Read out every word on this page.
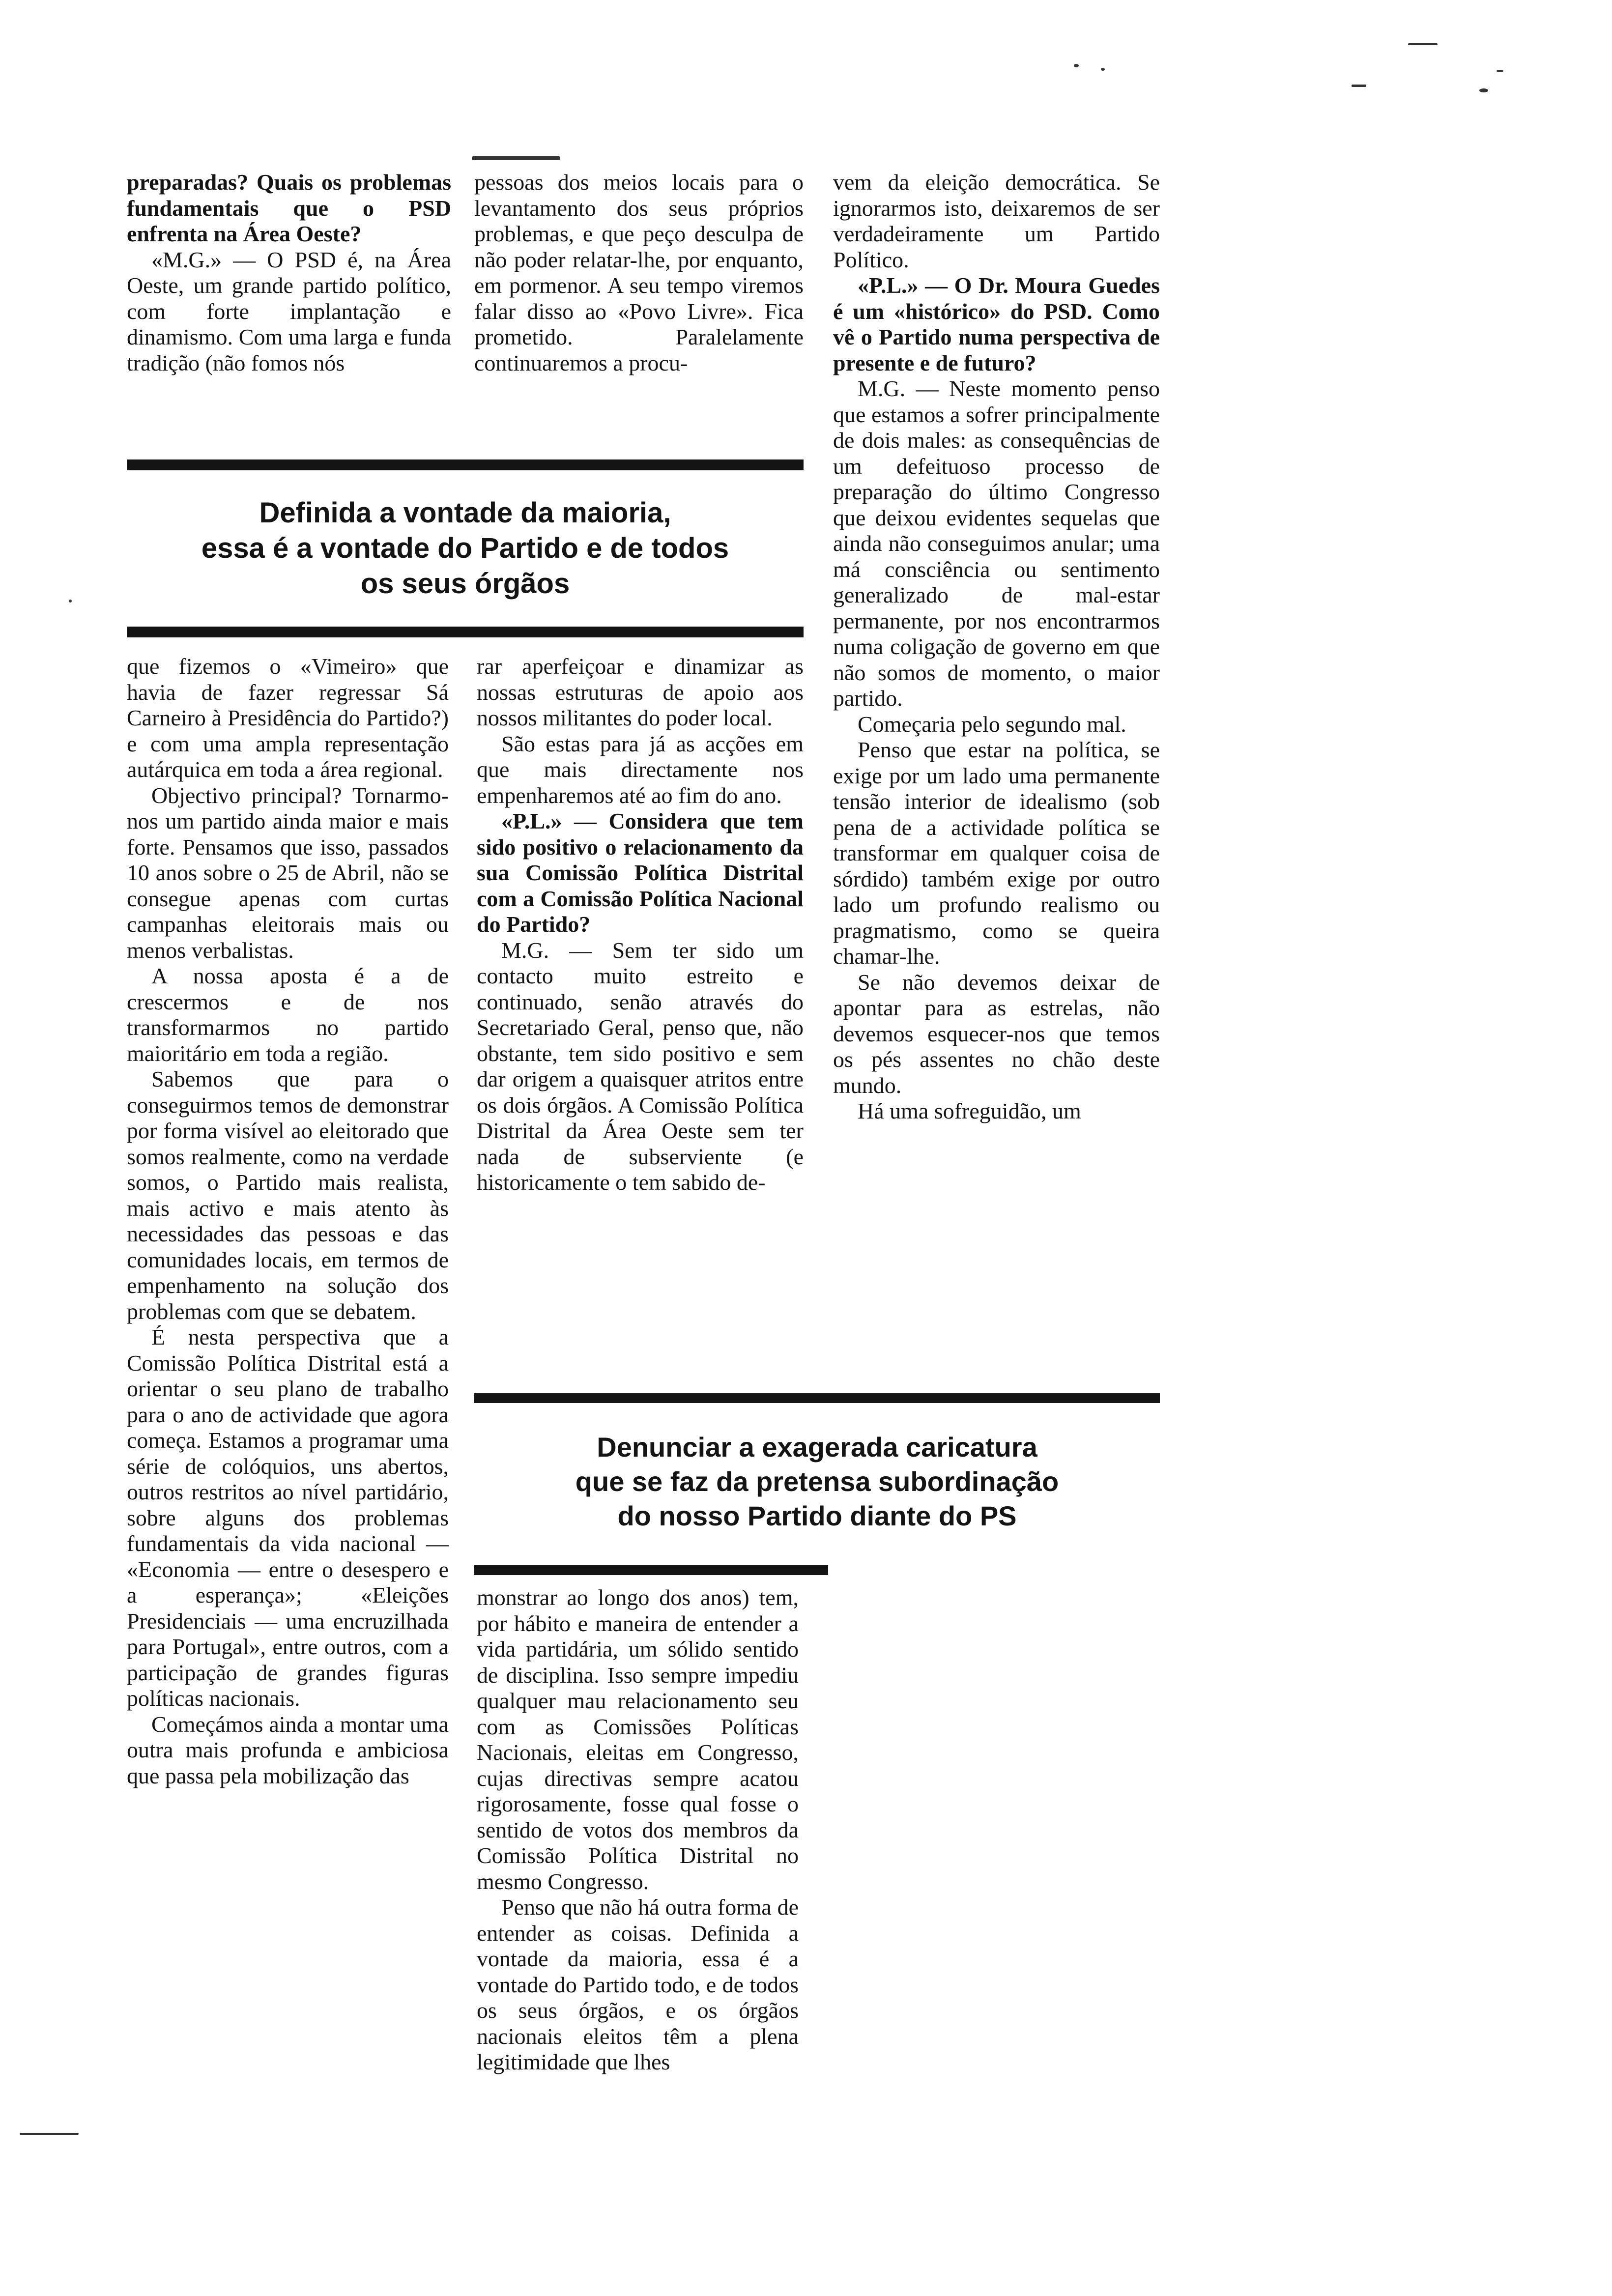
preparadas? Quais os problemas fundamentais que o PSD enfrenta na Área Oeste?

«M.G.» — O PSD é, na Área Oeste, um grande partido político, com forte implantação e dinamismo. Com uma larga e funda tradição (não fomos nós

pessoas dos meios locais para o levantamento dos seus próprios problemas, e que peço desculpa de não poder relatar-lhe, por enquanto, em pormenor. A seu tempo viremos falar disso ao «Povo Livre». Fica prometido. Paralelamente continuaremos a procu-

vem da eleição democrática. Se ignorarmos isto, deixaremos de ser verdadeiramente um Partido Político.

«P.L.» — O Dr. Moura Guedes é um «histórico» do PSD. Como vê o Partido numa perspectiva de presente e de futuro?

M.G. — Neste momento penso que estamos a sofrer principalmente de dois males: as consequências de um defeituoso processo de preparação do último Congresso que deixou evidentes sequelas que ainda não conseguimos anular; uma má consciência ou sentimento generalizado de mal-estar permanente, por nos encontrarmos numa coligação de governo em que não somos de momento, o maior partido.

Começaria pelo segundo mal.

Penso que estar na política, se exige por um lado uma permanente tensão interior de idealismo (sob pena de a actividade política se transformar em qualquer coisa de sórdido) também exige por outro lado um profundo realismo ou pragmatismo, como se queira chamar-lhe.

Se não devemos deixar de apontar para as estrelas, não devemos esquecer-nos que temos os pés assentes no chão deste mundo.

Há uma sofreguidão, um

Definida a vontade da maioria,
essa é a vontade do Partido e de todos
os seus órgãos

que fizemos o «Vimeiro» que havia de fazer regressar Sá Carneiro à Presidência do Partido?) e com uma ampla representação autárquica em toda a área regional.

Objectivo principal? Tornarmo-nos um partido ainda maior e mais forte. Pensamos que isso, passados 10 anos sobre o 25 de Abril, não se consegue apenas com curtas campanhas eleitorais mais ou menos verbalistas.

A nossa aposta é a de crescermos e de nos transformarmos no partido maioritário em toda a região.

Sabemos que para o conseguirmos temos de demonstrar por forma visível ao eleitorado que somos realmente, como na verdade somos, o Partido mais realista, mais activo e mais atento às necessidades das pessoas e das comunidades locais, em termos de empenhamento na solução dos problemas com que se debatem.

É nesta perspectiva que a Comissão Política Distrital está a orientar o seu plano de trabalho para o ano de actividade que agora começa. Estamos a programar uma série de colóquios, uns abertos, outros restritos ao nível partidário, sobre alguns dos problemas fundamentais da vida nacional — «Economia — entre o desespero e a esperança»; «Eleições Presidenciais — uma encruzilhada para Portugal», entre outros, com a participação de grandes figuras políticas nacionais.

Começámos ainda a montar uma outra mais profunda e ambiciosa que passa pela mobilização das

rar aperfeiçoar e dinamizar as nossas estruturas de apoio aos nossos militantes do poder local.

São estas para já as acções em que mais directamente nos empenharemos até ao fim do ano.

«P.L.» — Considera que tem sido positivo o relacionamento da sua Comissão Política Distrital com a Comissão Política Nacional do Partido?

M.G. — Sem ter sido um contacto muito estreito e continuado, senão através do Secretariado Geral, penso que, não obstante, tem sido positivo e sem dar origem a quaisquer atritos entre os dois órgãos. A Comissão Política Distrital da Área Oeste sem ter nada de subserviente (e historicamente o tem sabido de-

Denunciar a exagerada caricatura
que se faz da pretensa subordinação
do nosso Partido diante do PS

monstrar ao longo dos anos) tem, por hábito e maneira de entender a vida partidária, um sólido sentido de disciplina. Isso sempre impediu qualquer mau relacionamento seu com as Comissões Políticas Nacionais, eleitas em Congresso, cujas directivas sempre acatou rigorosamente, fosse qual fosse o sentido de votos dos membros da Comissão Política Distrital no mesmo Congresso.

Penso que não há outra forma de entender as coisas. Definida a vontade da maioria, essa é a vontade do Partido todo, e de todos os seus órgãos, e os órgãos nacionais eleitos têm a plena legitimidade que lhes
